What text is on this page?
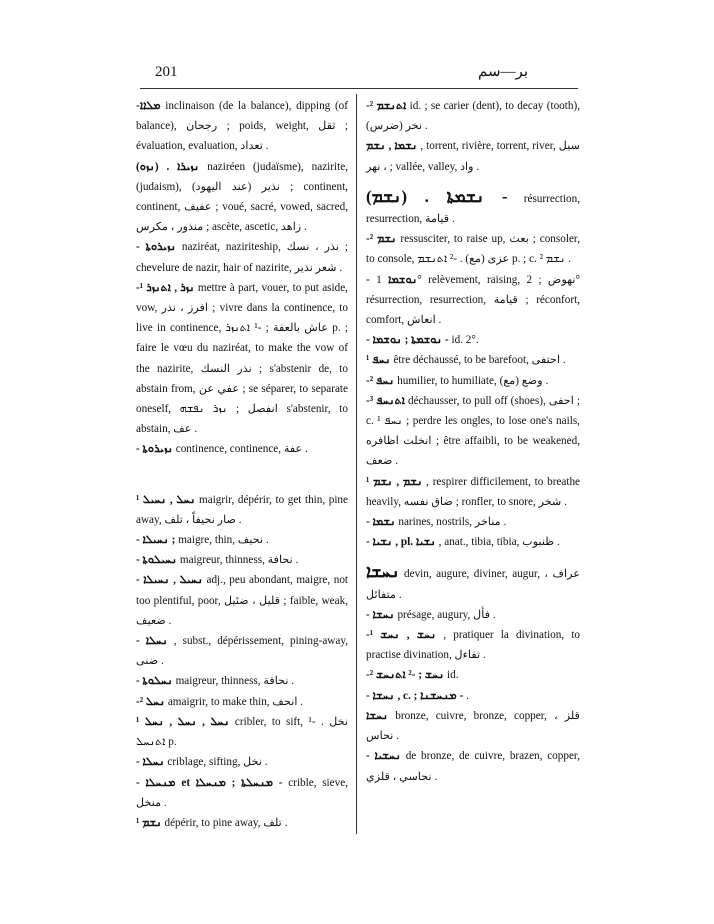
201	بر—سم

-ܡܠܐܐ inclinaison (de la balance), dipping (of balance), رجحان ; poids, weight, ثقل ; évaluation, evaluation, تعداد .

(ܢܙܘ) . ܢܙܝܪܐ naziréen (judaïsme), nazirite, (judaism), نذير (عند اليهود) ; continent, continent, عفيف ; voué, sacré, vowed, sacred, منذور ، مكرس ; ascète, ascetic, زاهد .

- ܢܙܝܪܘܬܐ naziréat, naziriteship, نذر ، نسك ; chevelure de nazir, hair of nazirite, شعر نذير .

-¹ ܢܙܪ , ܐܬܢܙܪ mettre à part, vouer, to put aside, vow, افرز ، نذر ; vivre dans la continence, to live in continence, عاش بالعفة ; -¹ ܐܬܢܙܪ p. ; faire le vœu du naziréat, to make the vow of the nazirite, نذر النسك ; s'abstenir de, to abstain from, عفي عن ; se séparer, to separate oneself, انفصل ; ܢܙܪ ܢܦܫܗ s'abstenir, to abstain, عف .

- ܢܙܝܪܘܬܐ continence, continence, عفة .

¹ ܢܚܠ , ܢܚܝܠ maigrir, dépérir, to get thin, pine away, صار نحيفاً ، تلف .

- ܢܚܝܠܐ ; maigre, thin, نحيف .

- ܢܚܝܠܘܬܐ maigreur, thinness, نحافة .

- ܢܚܝܠ , ܢܚܝܠܐ adj., peu abondant, maigre, not too plentiful, poor, قليل ، ضئيل ; faible, weak, ضعيف .

- ܢܚܠܐ , subst., dépérissement, pining-away, ضنى .

- ܢܚܠܘܬܐ maigreur, thinness, نحافة .

-² ܢܚܠ amaigrir, to make thin, انحف .

¹ ܢܚܠ , ܢܚܠ , ܢܚܠ cribler, to sift, نخل . -¹ ܐܬܢܚܠ p.

- ܢܚܠܐ criblage, sifting, نخل .

- ܡܢܚܠܐ et ܡܢܚܠܬܐ ; ܡܢܚܠܐ - crible, sieve, منخل .

¹ ܢܫܡ dépérir, to pine away, تلف .

-² ܐܬܢܫܡ id. ; se carier (dent), to decay (tooth), نخر (ضرس) .

ܢܫܡܐ , ܢܫܡ , torrent, rivière, torrent, river, سيل ، نهر ; vallée, valley, واد .

(ܢܫܡ) . ܢܫܡܬܐ - résurrection, resurrection, قيامة .

-² ܢܫܡ ressusciter, to raise up, بعث ; consoler, to console, عزى (مع) . -² ܐܬܢܫܡ p. ; c. ² ܢܫܡ .

- ܢܘܫܡܐ 1° relèvement, raising, نهوض ; 2° résurrection, resurrection, قيامة ; réconfort, comfort, انعاش .

- ܢܘܫܡܬܐ ; ܢܘܫܡܐ - id. 2°.

¹ ܢܚܦ être déchaussé, to be barefoot, احتفى .

-² ܢܚܦ humilier, to humiliate, وضع (مع) .

-³ ܐܬܢܚܦ déchausser, to pull off (shoes), احفى ; c. ¹ ܢܚܦ ; perdre les ongles, to lose one's nails, انخلت اظافره ; être affaibli, to be weakened, ضعف .

¹ ܢܫܡ , ܢܫܡ , respirer difficilement, to breathe heavily, ضاق نفسه ; ronfler, to snore, شخر .

- ܢܫܡܐ narines, nostrils, مناخر .

- ܢܫܝܐ , pl. ܢܫܝܐ , anat., tibia, tibia, ظنبوب .

ܢܚܫܐ devin, augure, diviner, augur, عراف ، متفائل .

- ܢܚܫܐ présage, augury, فأل .

-¹ ܢܚܫ , ܢܚܫ , pratiquer la divination, to practise divination, تفاءل .

-² ܢܚܫ ; -² ܐܬܢܚܫ id.

- ܢܚܫܐ , c. ; ܡܢܚܫܢܐ - .

ܢܚܫܐ bronze, cuivre, bronze, copper, قلز ، نحاس .

- ܢܚܫܝܐ de bronze, de cuivre, brazen, copper, نحاسي ، قلزي .
